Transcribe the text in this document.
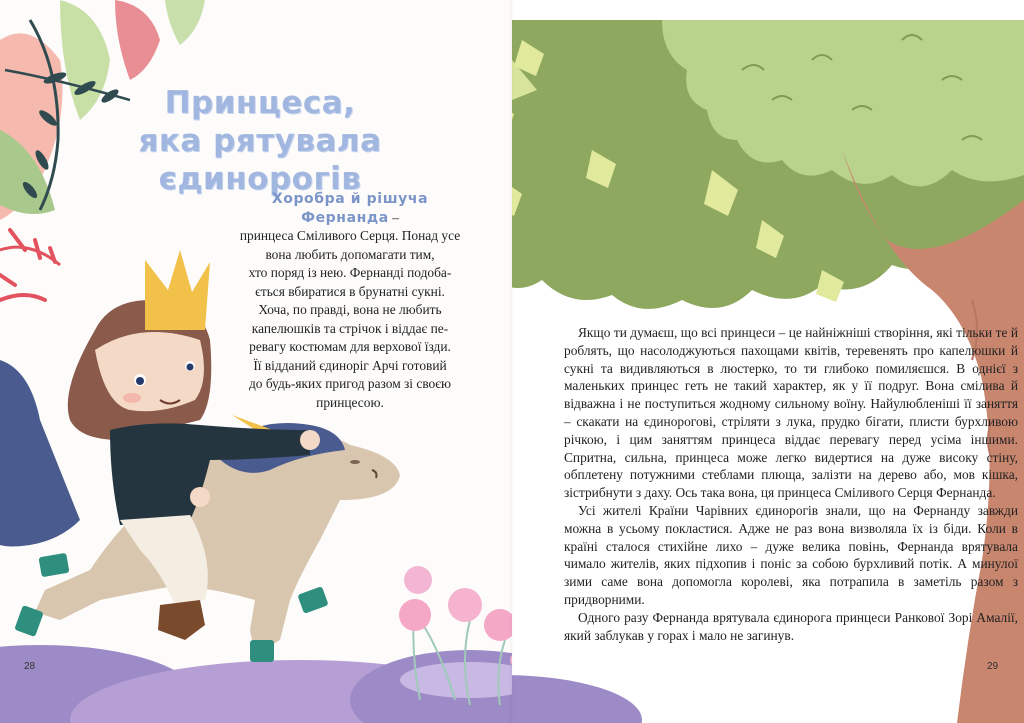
Принцеса,
яка рятувала єдинорогів
Хоробра й рішуча
Фернанда –
принцеса Сміливого Серця. Понад усе
вона любить допомагати тим,
хто поряд із нею. Фернанді подоба-
ється вбиратися в брунатні сукні.
Хоча, по правді, вона не любить
капелюшків та стрічок і віддає пе-
ревагу костюмам для верхової їзди.
Її відданий єдиноріг Арчі готовий
до будь-яких пригод разом зі своєю
принцесою.
28

Якщо ти думаєш, що всі принцеси – це найніжніші створіння, які тільки те й роблять, що насолоджуються пахощами квітів, теревенять про капелюшки й сукні та видивляються в люстерко, то ти глибоко помиляєшся. В однієї з маленьких принцес геть не такий характер, як у її подруг. Вона смілива й відважна і не поступиться жодному сильному воїну. Найулюбленіші її заняття – скакати на єдинорогові, стріляти з лука, прудко бігати, плисти бурхливою річкою, і цим заняттям принцеса віддає перевагу перед усіма іншими. Спритна, сильна, принцеса може легко видертися на дуже високу стіну, обплетену потужними стеблами плюща, залізти на дерево або, мов кішка, зістрибнути з даху. Ось така вона, ця принцеса Сміливого Серця Фернанда.

Усі жителі Країни Чарівних єдинорогів знали, що на Фернанду завжди можна в усьому покластися. Адже не раз вона визволяла їх із біди. Коли в країні сталося стихійне лихо – дуже велика повінь, Фернанда врятувала чимало жителів, яких підхопив і поніс за собою бурхливий потік. А минулої зими саме вона допомогла королеві, яка потрапила в заметіль разом з придворними.

Одного разу Фернанда врятувала єдинорога принцеси Ранкової Зорі Амалії, який заблукав у горах і мало не загинув.

29
